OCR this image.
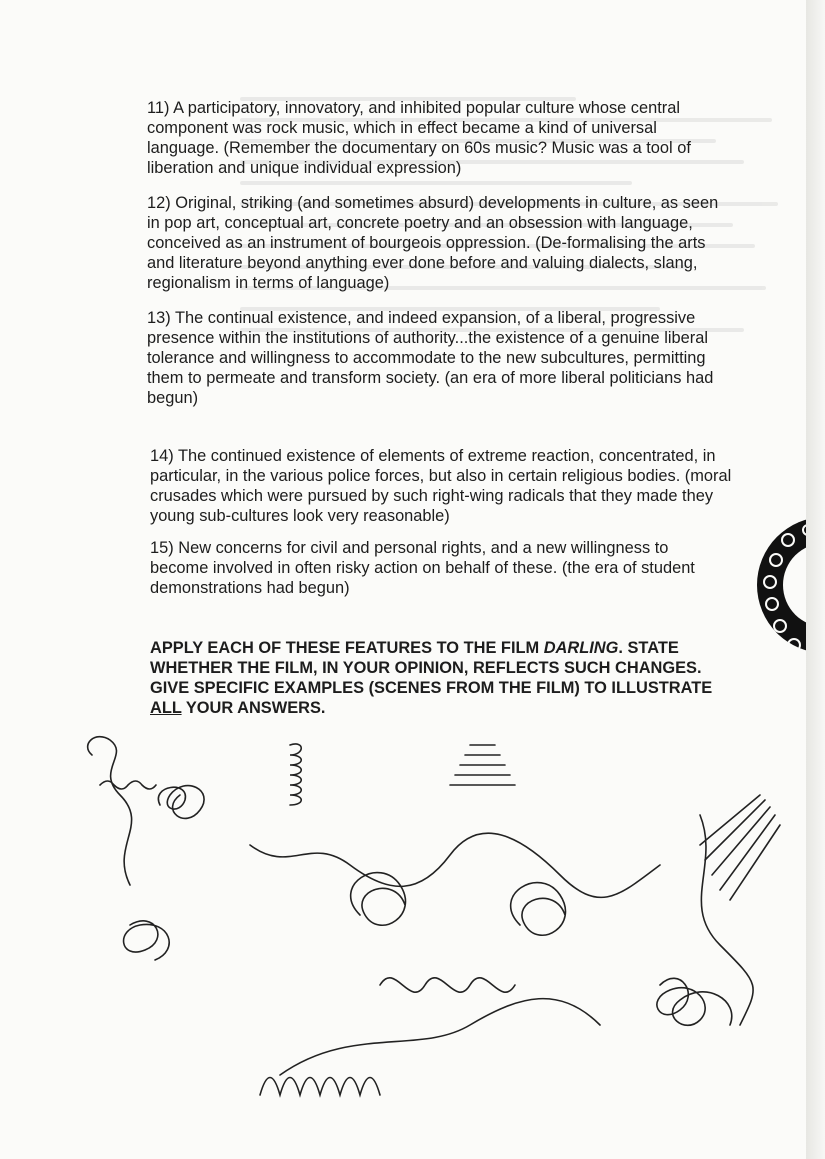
11) A participatory, innovatory, and inhibited popular culture whose central component was rock music, which in effect became a kind of universal language. (Remember the documentary on 60s music? Music was a tool of liberation and unique individual expression)

12) Original, striking (and sometimes absurd) developments in culture, as seen in pop art, conceptual art, concrete poetry and an obsession with language, conceived as an instrument of bourgeois oppression. (De-formalising the arts and literature beyond anything ever done before and valuing dialects, slang, regionalism in terms of language)

13) The continual existence, and indeed expansion, of a liberal, progressive presence within the institutions of authority...the existence of a genuine liberal tolerance and willingness to accommodate to the new subcultures, permitting them to permeate and transform society. (an era of more liberal politicians had begun)

14) The continued existence of elements of extreme reaction, concentrated, in particular, in the various police forces, but also in certain religious bodies. (moral crusades which were pursued by such right-wing radicals that they made they young sub-cultures look very reasonable)

15) New concerns for civil and personal rights, and a new willingness to become involved in often risky action on behalf of these. (the era of student demonstrations had begun)

APPLY EACH OF THESE FEATURES TO THE FILM DARLING. STATE WHETHER THE FILM, IN YOUR OPINION, REFLECTS SUCH CHANGES. GIVE SPECIFIC EXAMPLES (SCENES FROM THE FILM) TO ILLUSTRATE ALL YOUR ANSWERS.
